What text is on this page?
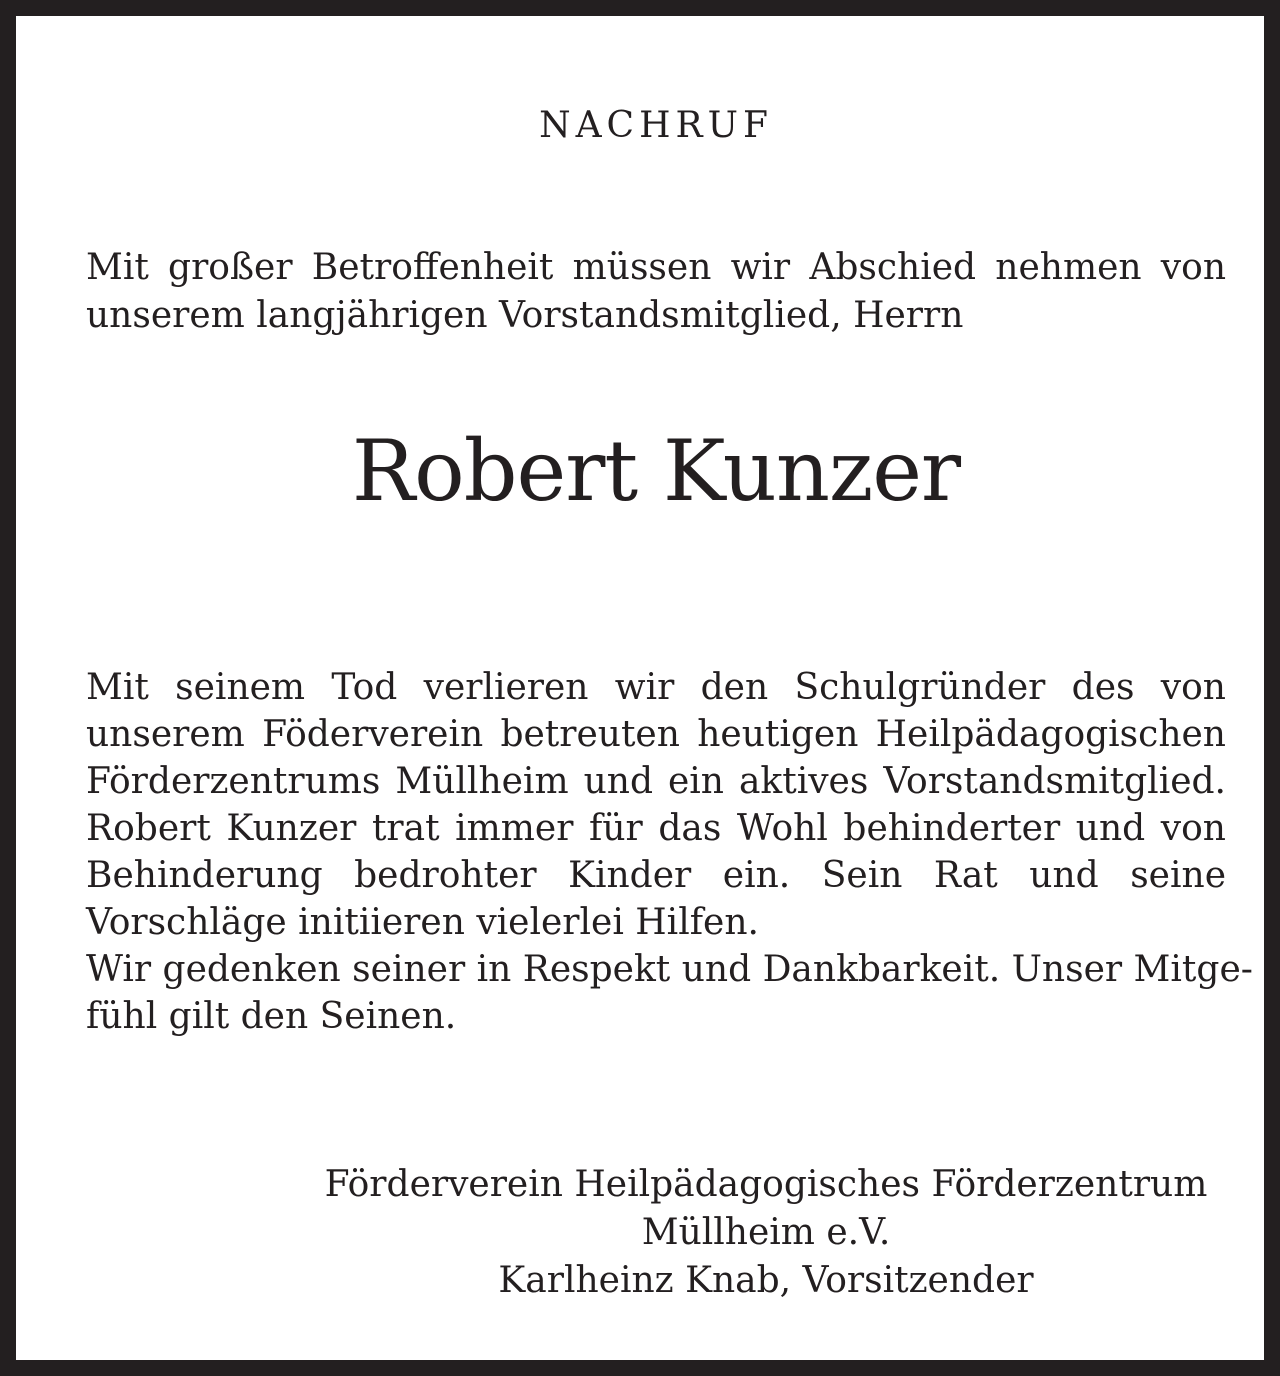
NACHRUF
Mit großer Betroffenheit müssen wir Abschied nehmen von
unserem langjährigen Vorstandsmitglied, Herrn
Robert Kunzer
Mit seinem Tod verlieren wir den Schulgründer des von
unserem Föderverein betreuten heutigen Heilpädagogischen
Förderzentrums Müllheim und ein aktives Vorstandsmitglied.
Robert Kunzer trat immer für das Wohl behinderter und von
Behinderung bedrohter Kinder ein. Sein Rat und seine
Vorschläge initiieren vielerlei Hilfen.
Wir gedenken seiner in Respekt und Dankbarkeit. Unser Mitge-
fühl gilt den Seinen.
Förderverein Heilpädagogisches Förderzentrum
Müllheim e.V.
Karlheinz Knab, Vorsitzender
